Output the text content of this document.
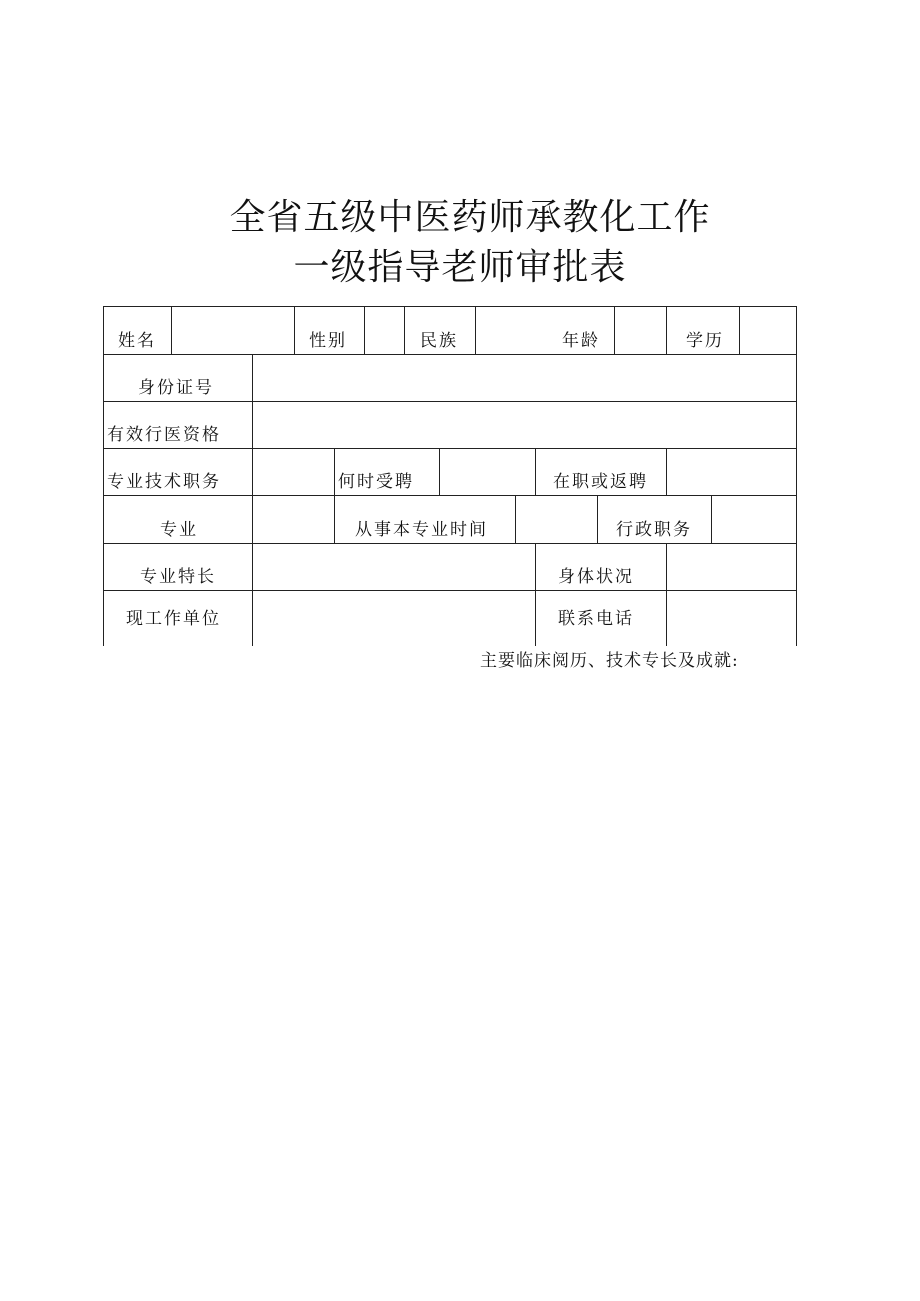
全省五级中医药师承教化工作
一级指导老师审批表
姓名	性别	民族	年龄	学历
身份证号
有效行医资格
专业技术职务	何时受聘	在职或返聘
专业	从事本专业时间	行政职务
专业特长	身体状况
现工作单位	联系电话
主要临床阅历、技术专长及成就:
